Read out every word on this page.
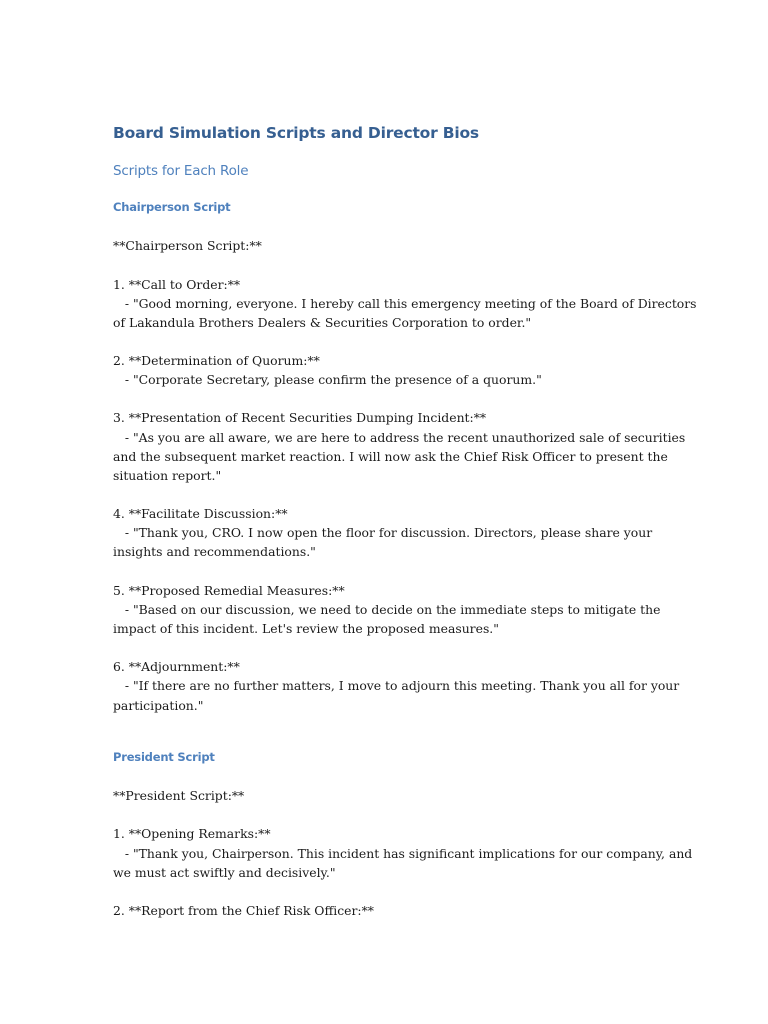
Board Simulation Scripts and Director Bios
Scripts for Each Role
Chairperson Script
**Chairperson Script:**
1. **Call to Order:**
- "Good morning, everyone. I hereby call this emergency meeting of the Board of Directors
of Lakandula Brothers Dealers & Securities Corporation to order."
2. **Determination of Quorum:**
- "Corporate Secretary, please confirm the presence of a quorum."
3. **Presentation of Recent Securities Dumping Incident:**
- "As you are all aware, we are here to address the recent unauthorized sale of securities
and the subsequent market reaction. I will now ask the Chief Risk Officer to present the
situation report."
4. **Facilitate Discussion:**
- "Thank you, CRO. I now open the floor for discussion. Directors, please share your
insights and recommendations."
5. **Proposed Remedial Measures:**
- "Based on our discussion, we need to decide on the immediate steps to mitigate the
impact of this incident. Let's review the proposed measures."
6. **Adjournment:**
- "If there are no further matters, I move to adjourn this meeting. Thank you all for your
participation."
President Script
**President Script:**
1. **Opening Remarks:**
- "Thank you, Chairperson. This incident has significant implications for our company, and
we must act swiftly and decisively."
2. **Report from the Chief Risk Officer:**
